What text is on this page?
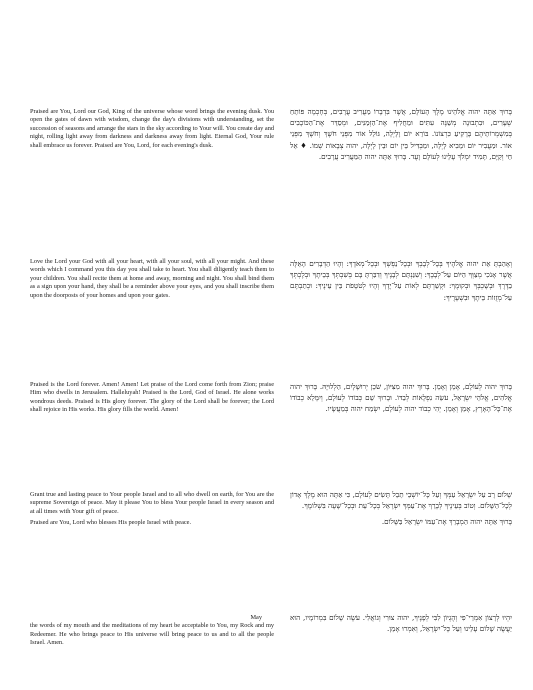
Praised are You, Lord our God, King of the universe whose word brings the evening dusk. You open the gates of dawn with wisdom, change the day's divisions with understanding, set the succession of seasons and arrange the stars in the sky according to Your will. You create day and night, rolling light away from darkness and darkness away from light. Eternal God, Your rule shall embrace us forever. Praised are You, Lord, for each evening's dusk.

בָּרוּךְ אַתָּה יהוה אֱלֹהֵינוּ מֶלֶךְ הָעוֹלָם, אֲשֶׁר בִּדְבָרוֹ מַעֲרִיב עֲרָבִים, בְּחָכְמָה פּוֹתֵחַ שְׁעָרִים, וּבִתְבוּנָה מְשַׁנֶּה עִתִּים וּמַחֲלִיף אֶת־הַזְּמַנִּים, וּמְסַדֵּר אֶת־הַכּוֹכָבִים בְּמִשְׁמְרוֹתֵיהֶם בָּרָקִיעַ כִּרְצוֹנוֹ. בּוֹרֵא יוֹם וָלָיְלָה, גּוֹלֵל אוֹר מִפְּנֵי חֹשֶׁךְ וְחֹשֶׁךְ מִפְּנֵי אוֹר. וּמַעֲבִיר יוֹם וּמֵבִיא לָיְלָה, וּמַבְדִּיל בֵּין יוֹם וּבֵין לָיְלָה, יהוה צְבָאוֹת שְׁמוֹ. ♦ אֵל חַי וְקַיָּם, תָּמִיד יִמְלֹךְ עָלֵינוּ לְעוֹלָם וָעֶד. בָּרוּךְ אַתָּה יהוה הַמַּעֲרִיב עֲרָבִים.

Love the Lord your God with all your heart, with all your soul, with all your might. And these words which I command you this day you shall take to heart. You shall diligently teach them to your children. You shall recite them at home and away, morning and night. You shall bind them as a sign upon your hand, they shall be a reminder above your eyes, and you shall inscribe them upon the doorposts of your homes and upon your gates.

וְאָהַבְתָּ אֵת יהוה אֱלֹהֶיךָ בְּכָל־לְבָבְךָ וּבְכָל־נַפְשְׁךָ וּבְכָל־מְאֹדֶךָ: וְהָיוּ הַדְּבָרִים הָאֵלֶּה אֲשֶׁר אָנֹכִי מְצַוְּךָ הַיּוֹם עַל־לְבָבֶךָ: וְשִׁנַּנְתָּם לְבָנֶיךָ וְדִבַּרְתָּ בָּם בְּשִׁבְתְּךָ בְּבֵיתֶךָ וּבְלֶכְתְּךָ בַדֶּרֶךְ וּבְשָׁכְבְּךָ וּבְקוּמֶךָ: וּקְשַׁרְתָּם לְאוֹת עַל־יָדֶךָ וְהָיוּ לְטֹטָפֹת בֵּין עֵינֶיךָ: וּכְתַבְתָּם עַל־מְזֻזוֹת בֵּיתֶךָ וּבִשְׁעָרֶיךָ:

Praised is the Lord forever. Amen! Amen! Let praise of the Lord come forth from Zion; praise Him who dwells in Jerusalem. Halleluyah! Praised is the Lord, God of Israel. He alone works wondrous deeds. Praised is His glory forever. The glory of the Lord shall be forever; the Lord shall rejoice in His works. His glory fills the world. Amen!

בָּרוּךְ יהוה לְעוֹלָם, אָמֵן וְאָמֵן. בָּרוּךְ יהוה מִצִּיּוֹן, שֹׁכֵן יְרוּשָׁלָיִם, הַלְלוּיָהּ. בָּרוּךְ יהוה אֱלֹהִים, אֱלֹהֵי יִשְׂרָאֵל, עֹשֵׂה נִפְלָאוֹת לְבַדּוֹ. וּבָרוּךְ שֵׁם כְּבוֹדוֹ לְעוֹלָם, וְיִמָּלֵא כְבוֹדוֹ אֶת־כָּל־הָאָרֶץ, אָמֵן וְאָמֵן. יְהִי כְבוֹד יהוה לְעוֹלָם, יִשְׂמַח יהוה בְּמַעֲשָׂיו.

Grant true and lasting peace to Your people Israel and to all who dwell on earth, for You are the supreme Sovereign of peace. May it please You to bless Your people Israel in every season and at all times with Your gift of peace.

Praised are You, Lord who blesses His people Israel with peace.

שָׁלוֹם רָב עַל יִשְׂרָאֵל עַמְּךָ וְעַל כָּל־יוֹשְׁבֵי תֵבֵל תָּשִׂים לְעוֹלָם, כִּי אַתָּה הוּא מֶלֶךְ אָדוֹן לְכָל־הַשָּׁלוֹם. וְטוֹב בְּעֵינֶיךָ לְבָרֵךְ אֶת־עַמְּךָ יִשְׂרָאֵל בְּכָל־עֵת וּבְכָל־שָׁעָה בִּשְׁלוֹמֶךָ.

בָּרוּךְ אַתָּה יהוה הַמְבָרֵךְ אֶת־עַמּוֹ יִשְׂרָאֵל בַּשָּׁלוֹם.

May

the words of my mouth and the meditations of my heart be acceptable to You, my Rock and my Redeemer. He who brings peace to His universe will bring peace to us and to all the people Israel. Amen.

יִהְיוּ לְרָצוֹן אִמְרֵי־פִי וְהֶגְיוֹן לִבִּי לְפָנֶיךָ, יהוה צוּרִי וְגוֹאֲלִי. עֹשֶׂה שָׁלוֹם בִּמְרוֹמָיו, הוּא יַעֲשֶׂה שָׁלוֹם עָלֵינוּ וְעַל כָּל־יִשְׂרָאֵל, וְאִמְרוּ אָמֵן.
